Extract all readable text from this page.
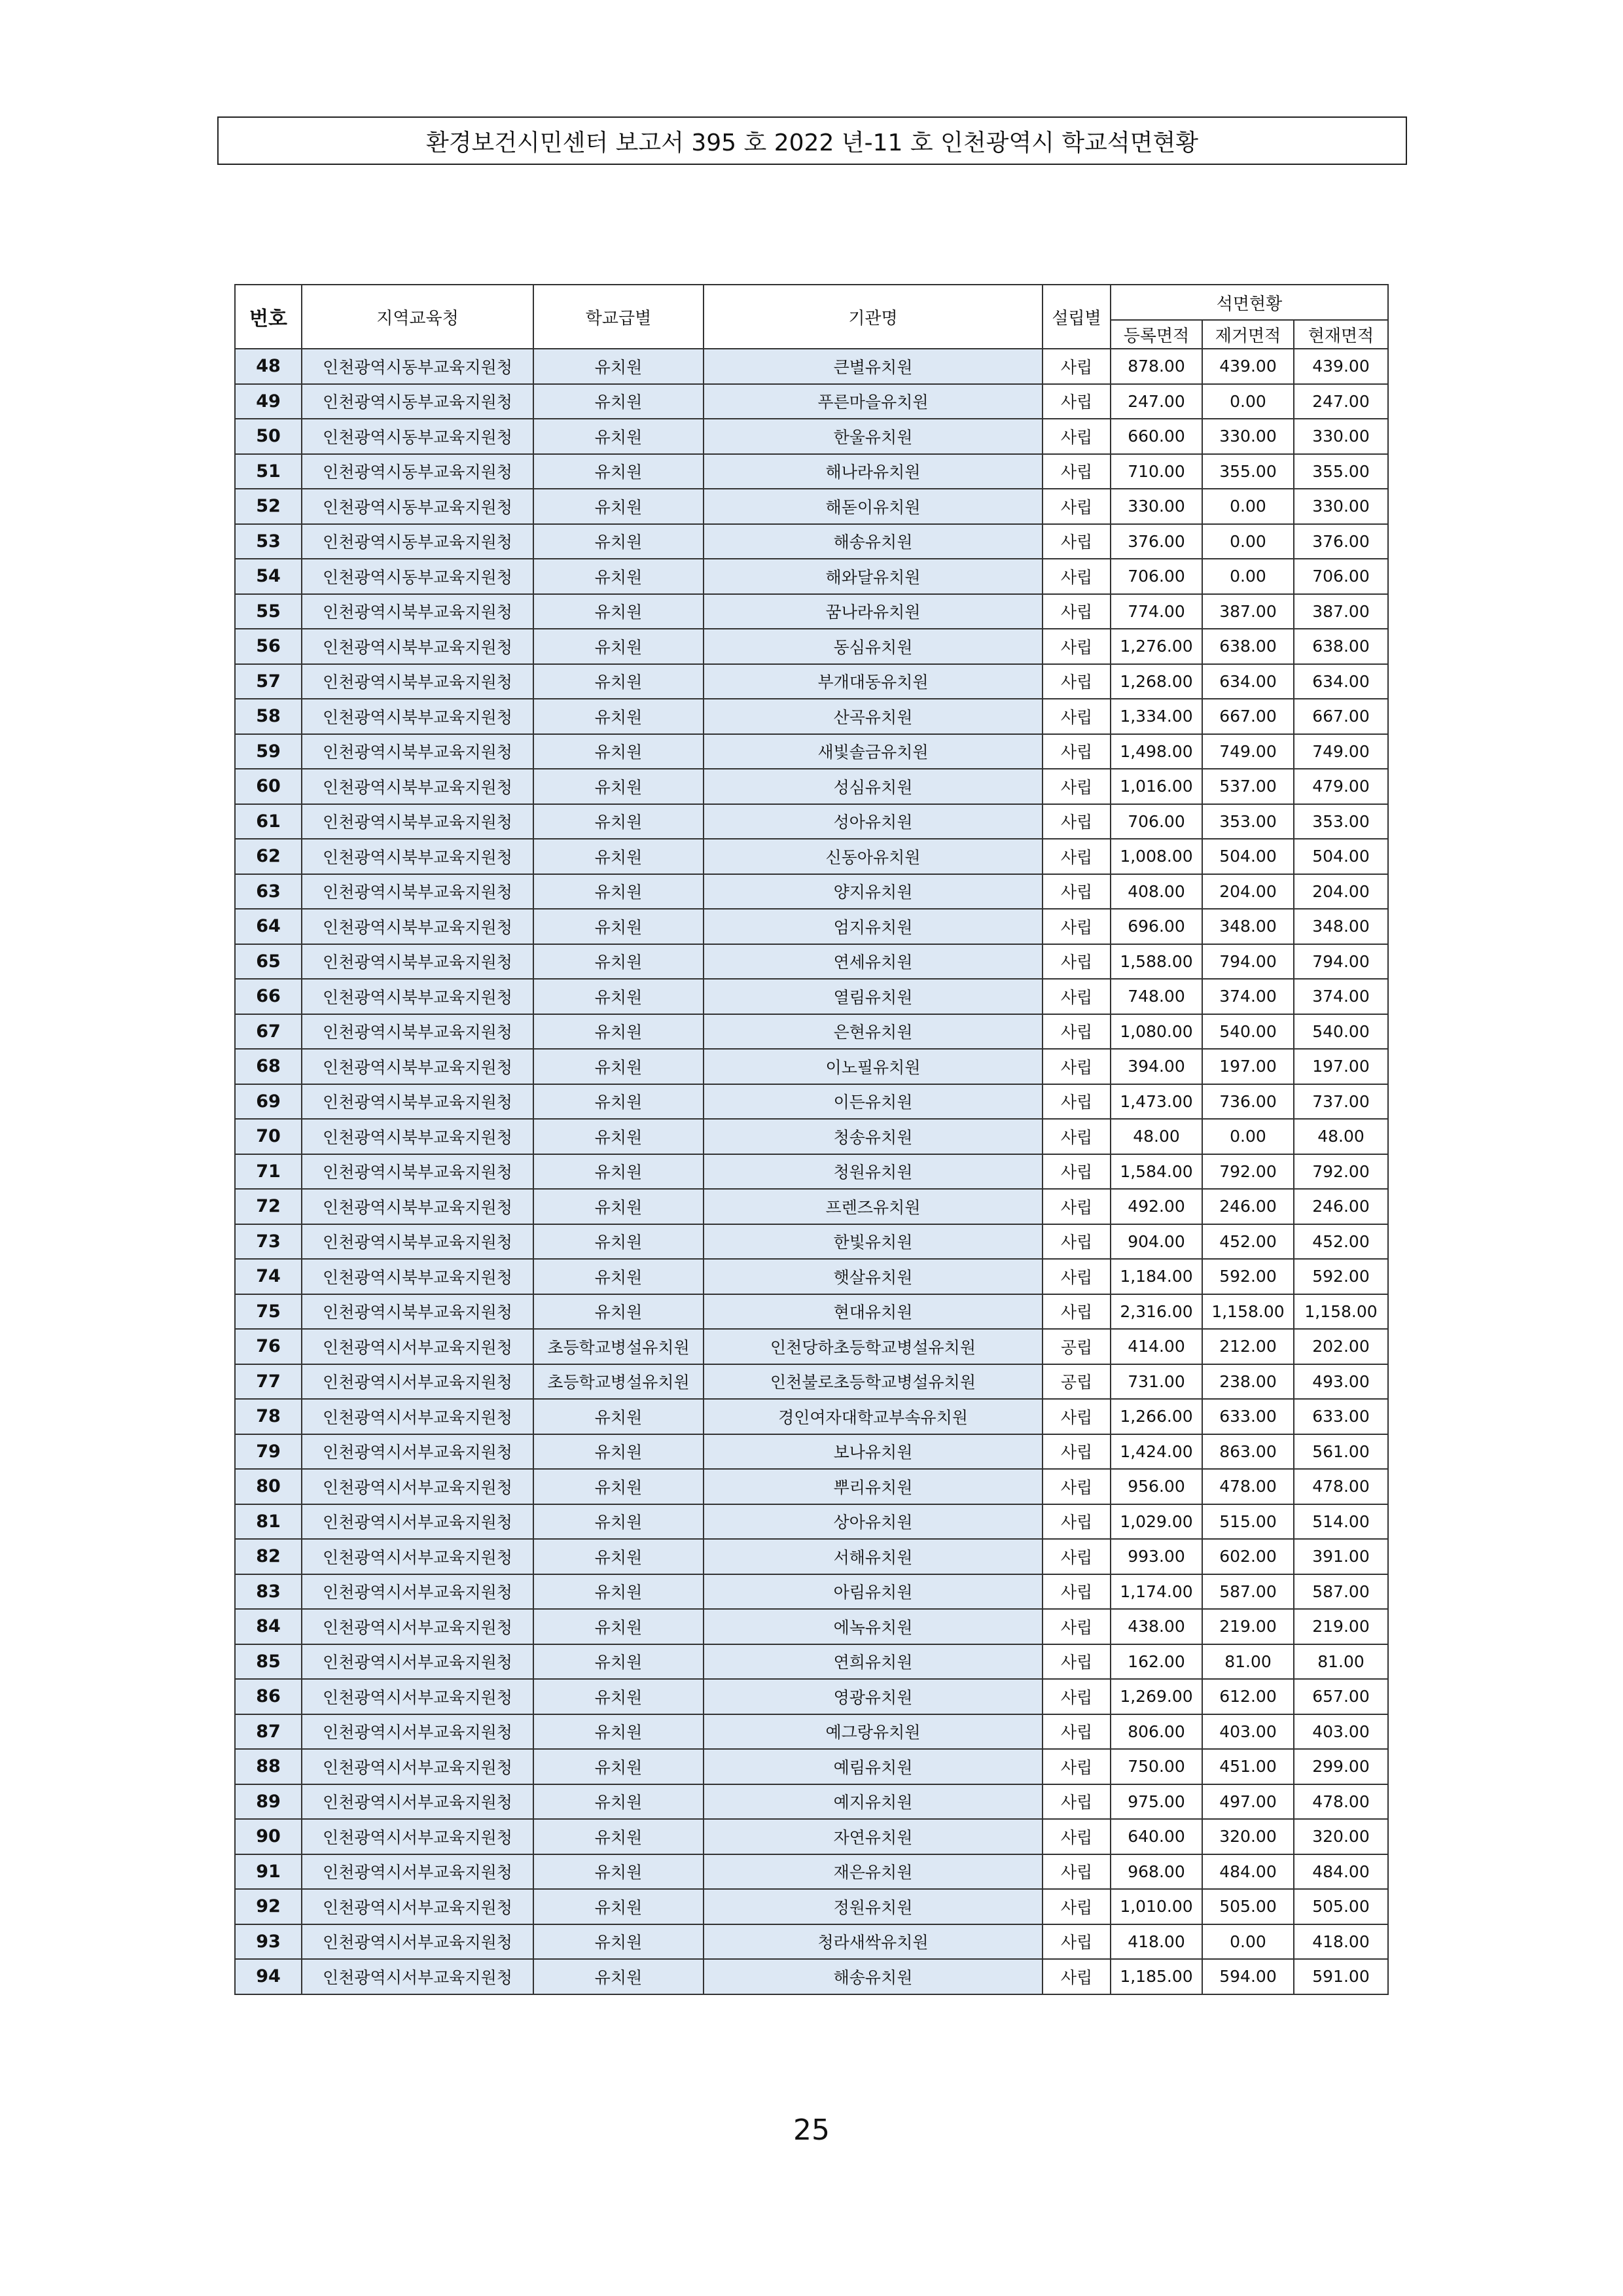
환경보건시민센터 보고서 395 호 2022 년-11 호 인천광역시 학교석면현황
번호	지역교육청	학교급별	기관명	설립별	석면현황		
					등록면적	제거면적	현재면적
48	인천광역시동부교육지원청	유치원	큰별유치원	사립	878.00	439.00	439.00
49	인천광역시동부교육지원청	유치원	푸른마을유치원	사립	247.00	0.00	247.00
50	인천광역시동부교육지원청	유치원	한울유치원	사립	660.00	330.00	330.00
51	인천광역시동부교육지원청	유치원	해나라유치원	사립	710.00	355.00	355.00
52	인천광역시동부교육지원청	유치원	해돋이유치원	사립	330.00	0.00	330.00
53	인천광역시동부교육지원청	유치원	해송유치원	사립	376.00	0.00	376.00
54	인천광역시동부교육지원청	유치원	해와달유치원	사립	706.00	0.00	706.00
55	인천광역시북부교육지원청	유치원	꿈나라유치원	사립	774.00	387.00	387.00
56	인천광역시북부교육지원청	유치원	동심유치원	사립	1,276.00	638.00	638.00
57	인천광역시북부교육지원청	유치원	부개대동유치원	사립	1,268.00	634.00	634.00
58	인천광역시북부교육지원청	유치원	산곡유치원	사립	1,334.00	667.00	667.00
59	인천광역시북부교육지원청	유치원	새빛솔금유치원	사립	1,498.00	749.00	749.00
60	인천광역시북부교육지원청	유치원	성심유치원	사립	1,016.00	537.00	479.00
61	인천광역시북부교육지원청	유치원	성아유치원	사립	706.00	353.00	353.00
62	인천광역시북부교육지원청	유치원	신동아유치원	사립	1,008.00	504.00	504.00
63	인천광역시북부교육지원청	유치원	양지유치원	사립	408.00	204.00	204.00
64	인천광역시북부교육지원청	유치원	엄지유치원	사립	696.00	348.00	348.00
65	인천광역시북부교육지원청	유치원	연세유치원	사립	1,588.00	794.00	794.00
66	인천광역시북부교육지원청	유치원	열림유치원	사립	748.00	374.00	374.00
67	인천광역시북부교육지원청	유치원	은현유치원	사립	1,080.00	540.00	540.00
68	인천광역시북부교육지원청	유치원	이노필유치원	사립	394.00	197.00	197.00
69	인천광역시북부교육지원청	유치원	이든유치원	사립	1,473.00	736.00	737.00
70	인천광역시북부교육지원청	유치원	청송유치원	사립	48.00	0.00	48.00
71	인천광역시북부교육지원청	유치원	청원유치원	사립	1,584.00	792.00	792.00
72	인천광역시북부교육지원청	유치원	프렌즈유치원	사립	492.00	246.00	246.00
73	인천광역시북부교육지원청	유치원	한빛유치원	사립	904.00	452.00	452.00
74	인천광역시북부교육지원청	유치원	햇살유치원	사립	1,184.00	592.00	592.00
75	인천광역시북부교육지원청	유치원	현대유치원	사립	2,316.00	1,158.00	1,158.00
76	인천광역시서부교육지원청	초등학교병설유치원	인천당하초등학교병설유치원	공립	414.00	212.00	202.00
77	인천광역시서부교육지원청	초등학교병설유치원	인천불로초등학교병설유치원	공립	731.00	238.00	493.00
78	인천광역시서부교육지원청	유치원	경인여자대학교부속유치원	사립	1,266.00	633.00	633.00
79	인천광역시서부교육지원청	유치원	보나유치원	사립	1,424.00	863.00	561.00
80	인천광역시서부교육지원청	유치원	뿌리유치원	사립	956.00	478.00	478.00
81	인천광역시서부교육지원청	유치원	상아유치원	사립	1,029.00	515.00	514.00
82	인천광역시서부교육지원청	유치원	서해유치원	사립	993.00	602.00	391.00
83	인천광역시서부교육지원청	유치원	아림유치원	사립	1,174.00	587.00	587.00
84	인천광역시서부교육지원청	유치원	에녹유치원	사립	438.00	219.00	219.00
85	인천광역시서부교육지원청	유치원	연희유치원	사립	162.00	81.00	81.00
86	인천광역시서부교육지원청	유치원	영광유치원	사립	1,269.00	612.00	657.00
87	인천광역시서부교육지원청	유치원	예그랑유치원	사립	806.00	403.00	403.00
88	인천광역시서부교육지원청	유치원	예림유치원	사립	750.00	451.00	299.00
89	인천광역시서부교육지원청	유치원	예지유치원	사립	975.00	497.00	478.00
90	인천광역시서부교육지원청	유치원	자연유치원	사립	640.00	320.00	320.00
91	인천광역시서부교육지원청	유치원	재은유치원	사립	968.00	484.00	484.00
92	인천광역시서부교육지원청	유치원	정원유치원	사립	1,010.00	505.00	505.00
93	인천광역시서부교육지원청	유치원	청라새싹유치원	사립	418.00	0.00	418.00
94	인천광역시서부교육지원청	유치원	해송유치원	사립	1,185.00	594.00	591.00
25
